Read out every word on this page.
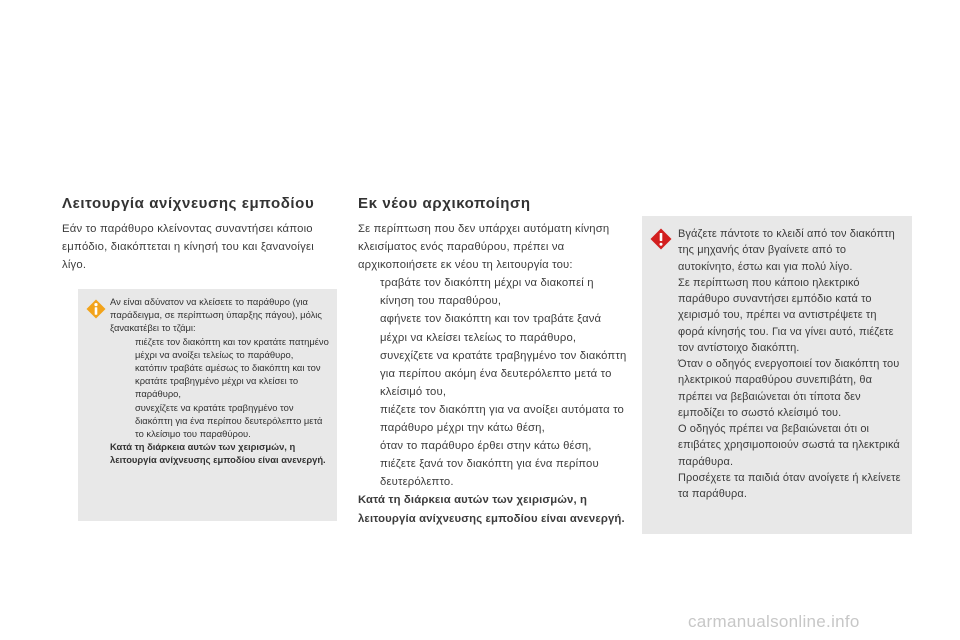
Λειτουργία ανίχνευσης εμποδίου

Εάν το παράθυρο κλείνοντας συναντήσει κάποιο εμπόδιο, διακόπτεται η κίνησή του και ξανανοίγει λίγο.

Αν είναι αδύνατον να κλείσετε το παράθυρο (για παράδειγμα, σε περίπτωση ύπαρξης πάγου), μόλις ξανακατέβει το τζάμι:
πιέζετε τον διακόπτη και τον κρατάτε πατημένο μέχρι να ανοίξει τελείως το παράθυρο,
κατόπιν τραβάτε αμέσως το διακόπτη και τον κρατάτε τραβηγμένο μέχρι να κλείσει το παράθυρο,
συνεχίζετε να κρατάτε τραβηγμένο τον διακόπτη για ένα περίπου δευτερόλεπτο μετά το κλείσιμο του παραθύρου.
Κατά τη διάρκεια αυτών των χειρισμών, η λειτουργία ανίχνευσης εμποδίου είναι ανενεργή.
Εκ νέου αρχικοποίηση
Σε περίπτωση που δεν υπάρχει αυτόματη κίνηση κλεισίματος ενός παραθύρου, πρέπει να αρχικοποιήσετε εκ νέου τη λειτουργία του:
τραβάτε τον διακόπτη μέχρι να διακοπεί η κίνηση του παραθύρου,
αφήνετε τον διακόπτη και τον τραβάτε ξανά μέχρι να κλείσει τελείως το παράθυρο,
συνεχίζετε να κρατάτε τραβηγμένο τον διακόπτη για περίπου ακόμη ένα δευτερόλεπτο μετά το κλείσιμό του,
πιέζετε τον διακόπτη για να ανοίξει αυτόματα το παράθυρο μέχρι την κάτω θέση,
όταν το παράθυρο έρθει στην κάτω θέση, πιέζετε ξανά τον διακόπτη για ένα περίπου δευτερόλεπτο.
Κατά τη διάρκεια αυτών των χειρισμών, η λειτουργία ανίχνευσης εμποδίου είναι ανενεργή.
Βγάζετε πάντοτε το κλειδί από τον διακόπτη της μηχανής όταν βγαίνετε από το αυτοκίνητο, έστω και για πολύ λίγο.
Σε περίπτωση που κάποιο ηλεκτρικό παράθυρο συναντήσει εμπόδιο κατά το χειρισμό του, πρέπει να αντιστρέψετε τη φορά κίνησής του. Για να γίνει αυτό, πιέζετε τον αντίστοιχο διακόπτη.
Όταν ο οδηγός ενεργοποιεί τον διακόπτη του ηλεκτρικού παραθύρου συνεπιβάτη, θα πρέπει να βεβαιώνεται ότι τίποτα δεν εμποδίζει το σωστό κλείσιμό του.
Ο οδηγός πρέπει να βεβαιώνεται ότι οι επιβάτες χρησιμοποιούν σωστά τα ηλεκτρικά παράθυρα.
Προσέχετε τα παιδιά όταν ανοίγετε ή κλείνετε τα παράθυρα.
carmanualsonline.info
